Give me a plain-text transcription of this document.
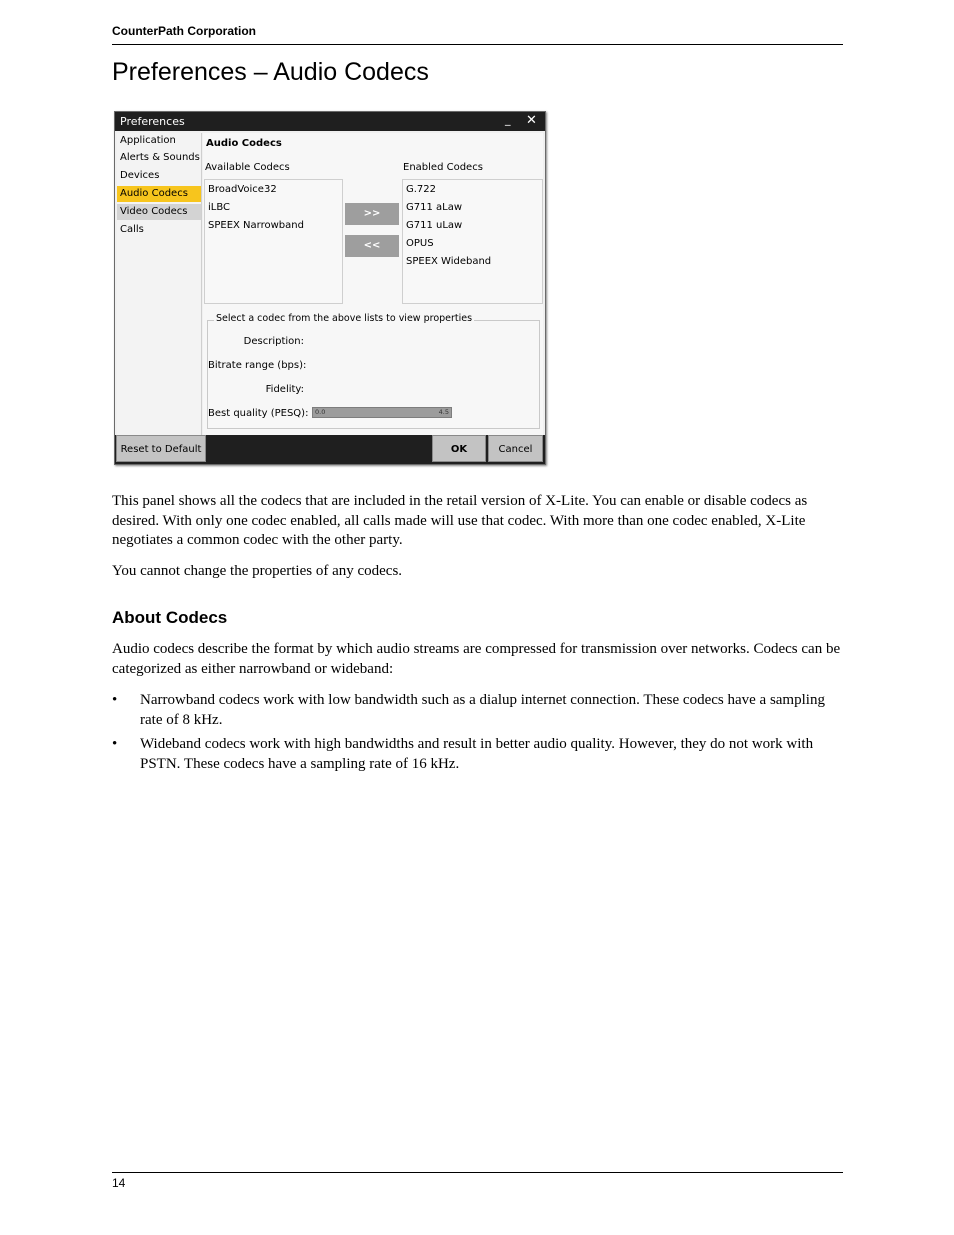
CounterPath Corporation
Preferences – Audio Codecs
Preferences	_ ✕
Application
Alerts & Sounds
Devices
Audio Codecs
Video Codecs
Calls
Audio Codecs
Available Codecs	Enabled Codecs
BroadVoice32
iLBC
SPEEX Narrowband
>>
<<
G.722
G711 aLaw
G711 uLaw
OPUS
SPEEX Wideband
Select a codec from the above lists to view properties
Description:
Bitrate range (bps):
Fidelity:
Best quality (PESQ): 0.0	4.5
Reset to Default	OK	Cancel
This panel shows all the codecs that are included in the retail version of X-Lite. You can enable or disable codecs as desired. With only one codec enabled, all calls made will use that codec. With more than one codec enabled, X-Lite negotiates a common codec with the other party.
You cannot change the properties of any codecs.
About Codecs
Audio codecs describe the format by which audio streams are compressed for transmission over networks. Codecs can be categorized as either narrowband or wideband:
• Narrowband codecs work with low bandwidth such as a dialup internet connection. These codecs have a sampling rate of 8 kHz.
• Wideband codecs work with high bandwidths and result in better audio quality. However, they do not work with PSTN. These codecs have a sampling rate of 16 kHz.
14
